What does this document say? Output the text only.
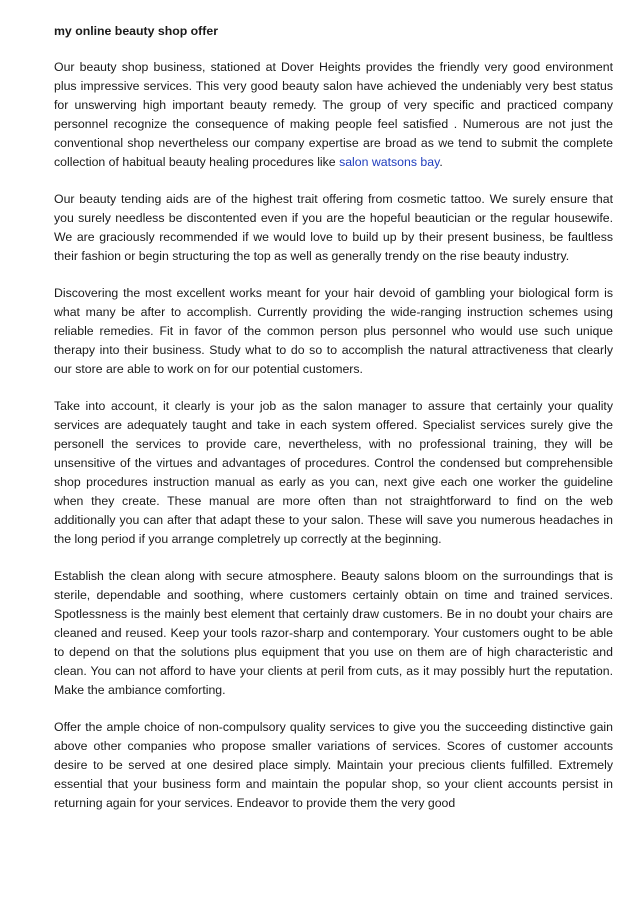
my online beauty shop offer

Our beauty shop business, stationed at Dover Heights provides the friendly very good environment plus impressive services. This very good beauty salon have achieved the undeniably very best status for unswerving high important beauty remedy. The group of very specific and practiced company personnel recognize the consequence of making people feel satisfied . Numerous are not just the conventional shop nevertheless our company expertise are broad as we tend to submit the complete collection of habitual beauty healing procedures like salon watsons bay.

Our beauty tending aids are of the highest trait offering from cosmetic tattoo. We surely ensure that you surely needless be discontented even if you are the hopeful beautician or the regular housewife. We are graciously recommended if we would love to build up by their present business, be faultless their fashion or begin structuring the top as well as generally trendy on the rise beauty industry.

Discovering the most excellent works meant for your hair devoid of gambling your biological form is what many be after to accomplish. Currently providing the wide-ranging instruction schemes using reliable remedies. Fit in favor of the common person plus personnel who would use such unique therapy into their business. Study what to do so to accomplish the natural attractiveness that clearly our store are able to work on for our potential customers.

Take into account, it clearly is your job as the salon manager to assure that certainly your quality services are adequately taught and take in each system offered. Specialist services surely give the personell the services to provide care, nevertheless, with no professional training, they will be unsensitive of the virtues and advantages of procedures. Control the condensed but comprehensible shop procedures instruction manual as early as you can, next give each one worker the guideline when they create. These manual are more often than not straightforward to find on the web additionally you can after that adapt these to your salon. These will save you numerous headaches in the long period if you arrange completrely up correctly at the beginning.

Establish the clean along with secure atmosphere. Beauty salons bloom on the surroundings that is sterile, dependable and soothing, where customers certainly obtain on time and trained services. Spotlessness is the mainly best element that certainly draw customers. Be in no doubt your chairs are cleaned and reused. Keep your tools razor-sharp and contemporary. Your customers ought to be able to depend on that the solutions plus equipment that you use on them are of high characteristic and clean. You can not afford to have your clients at peril from cuts, as it may possibly hurt the reputation. Make the ambiance comforting.

Offer the ample choice of non-compulsory quality services to give you the succeeding distinctive gain above other companies who propose smaller variations of services. Scores of customer accounts desire to be served at one desired place simply. Maintain your precious clients fulfilled. Extremely essential that your business form and maintain the popular shop, so your client accounts persist in returning again for your services. Endeavor to provide them the very good
